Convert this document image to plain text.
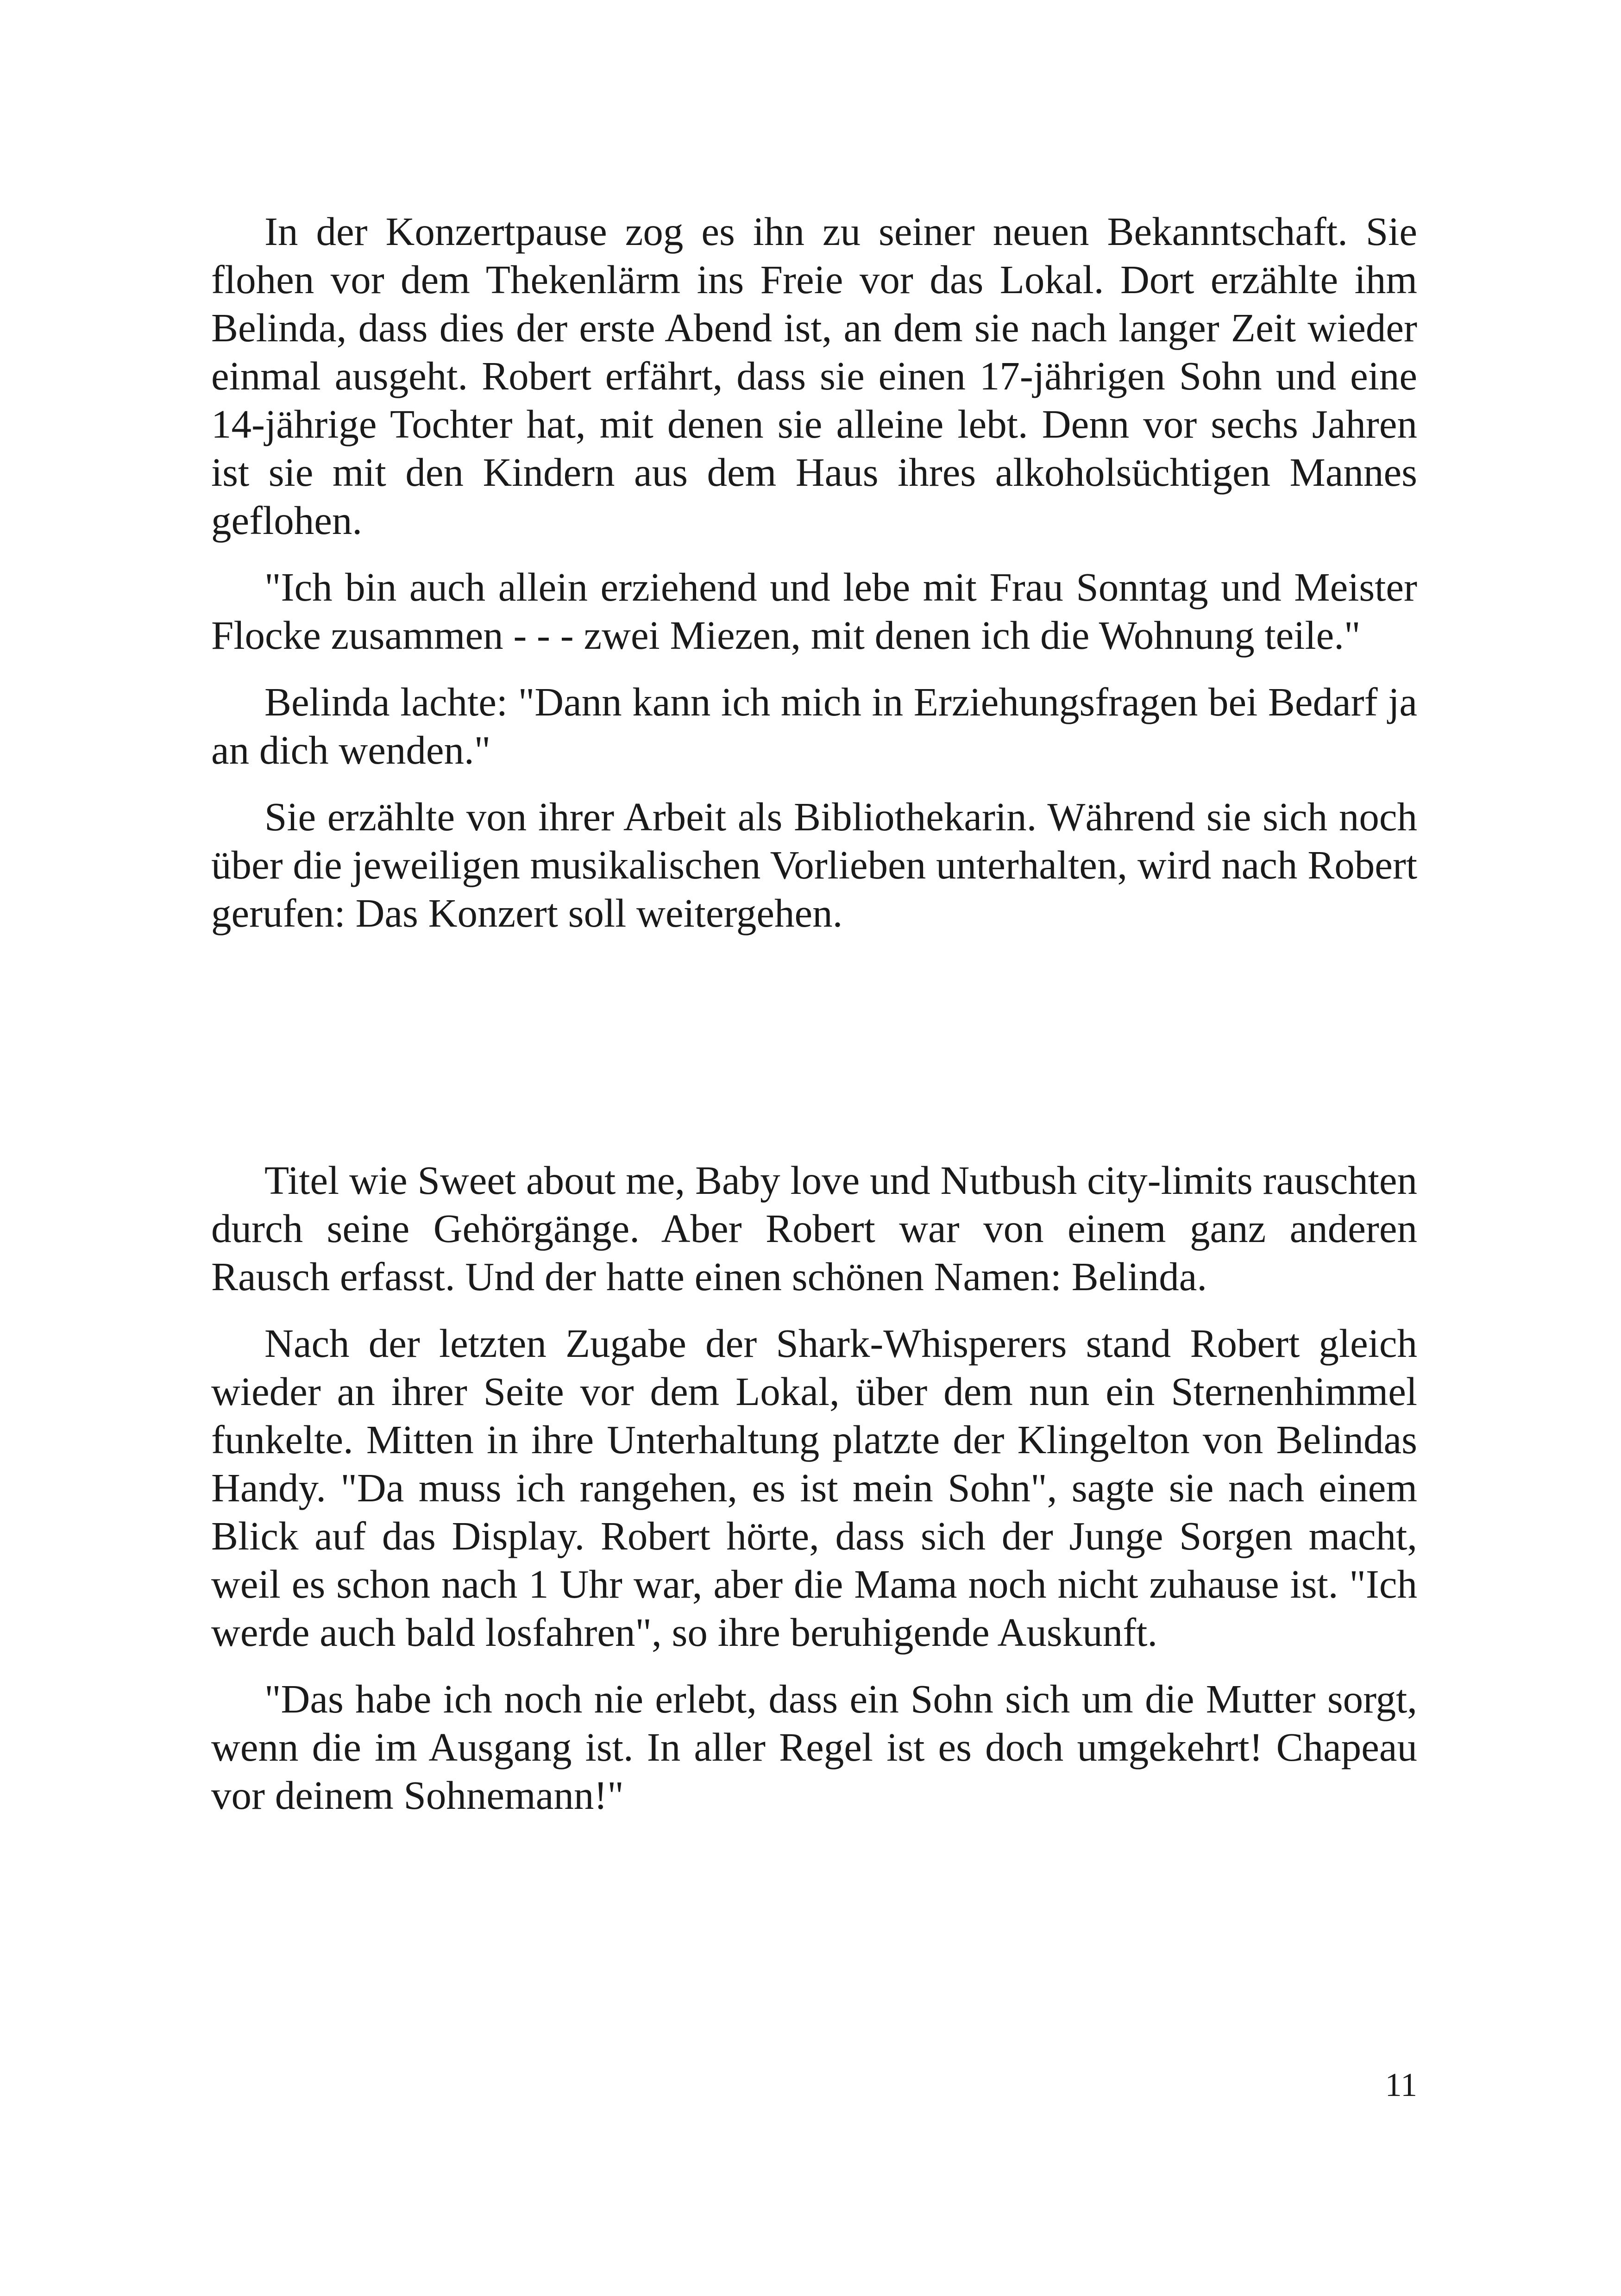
In der Konzertpause zog es ihn zu seiner neuen Bekanntschaft. Sie flohen vor dem Thekenlärm ins Freie vor das Lokal. Dort erzählte ihm Belinda, dass dies der erste Abend ist, an dem sie nach langer Zeit wieder einmal ausgeht. Robert erfährt, dass sie einen 17-jährigen Sohn und eine 14-jährige Tochter hat, mit denen sie alleine lebt. Denn vor sechs Jahren ist sie mit den Kindern aus dem Haus ihres alkoholsüchtigen Mannes geflohen.

"Ich bin auch allein erziehend und lebe mit Frau Sonntag und Meister Flocke zusammen - - - zwei Miezen, mit denen ich die Wohnung teile."

Belinda lachte: "Dann kann ich mich in Erziehungsfragen bei Bedarf ja an dich wenden."

Sie erzählte von ihrer Arbeit als Bibliothekarin. Während sie sich noch über die jeweiligen musikalischen Vorlieben unterhalten, wird nach Robert gerufen: Das Konzert soll weitergehen.

Titel wie Sweet about me, Baby love und Nutbush city-limits rauschten durch seine Gehörgänge. Aber Robert war von einem ganz anderen Rausch erfasst. Und der hatte einen schönen Namen: Belinda.

Nach der letzten Zugabe der Shark-Whisperers stand Robert gleich wieder an ihrer Seite vor dem Lokal, über dem nun ein Sternenhimmel funkelte. Mitten in ihre Unterhaltung platzte der Klingelton von Belindas Handy. "Da muss ich rangehen, es ist mein Sohn", sagte sie nach einem Blick auf das Display. Robert hörte, dass sich der Junge Sorgen macht, weil es schon nach 1 Uhr war, aber die Mama noch nicht zuhause ist. "Ich werde auch bald losfahren", so ihre beruhigende Auskunft.

"Das habe ich noch nie erlebt, dass ein Sohn sich um die Mutter sorgt, wenn die im Ausgang ist. In aller Regel ist es doch umgekehrt! Chapeau vor deinem Sohnemann!"

11
